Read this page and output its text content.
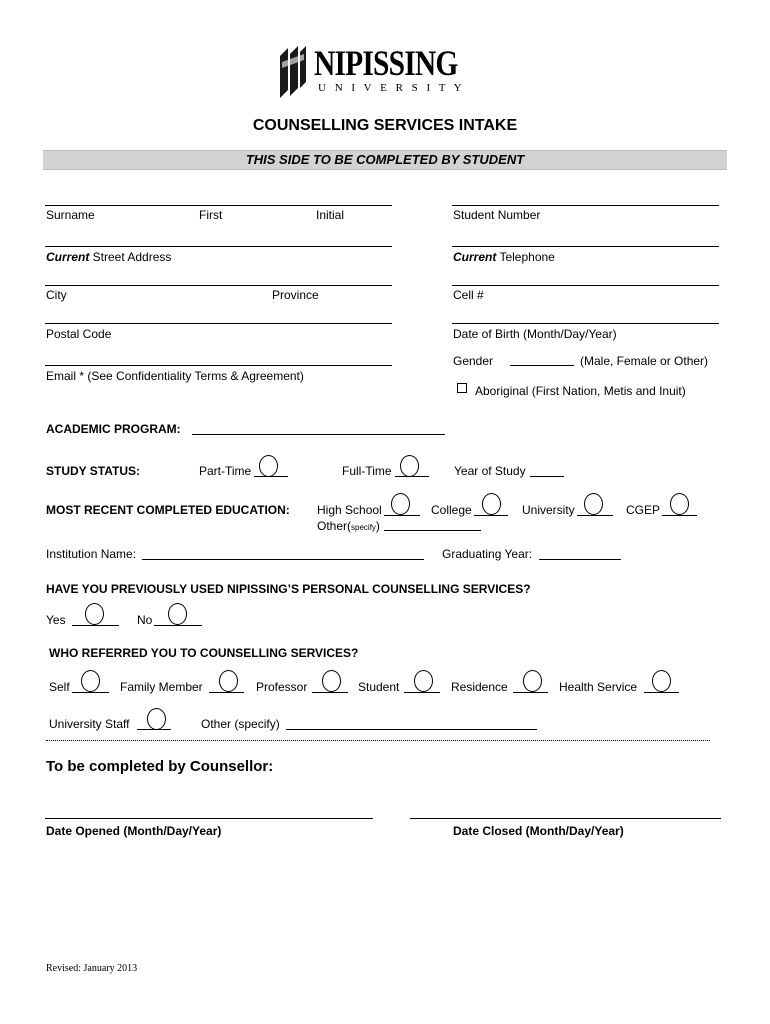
NIPISSING
U N I V E R S I T Y
COUNSELLING SERVICES INTAKE
THIS SIDE TO BE COMPLETED BY STUDENT
Surname	First	Initial	Student Number
Current Street Address	Current Telephone
City	Province	Cell #
Postal Code	Date of Birth (Month/Day/Year)
Gender	(Male, Female or Other)
Email * (See Confidentiality Terms & Agreement)
Aboriginal (First Nation, Metis and Inuit)
ACADEMIC PROGRAM:
STUDY STATUS:	Part-Time	Full-Time	Year of Study
MOST RECENT COMPLETED EDUCATION: High School	College	University	CGEP
Other(specify)
Institution Name:	Graduating Year:
HAVE YOU PREVIOUSLY USED NIPISSING’S PERSONAL COUNSELLING SERVICES?
Yes	No
WHO REFERRED YOU TO COUNSELLING SERVICES?
Self	Family Member	Professor	Student	Residence	Health Service
University Staff	Other (specify)
To be completed by Counsellor:
Date Opened (Month/Day/Year)	Date Closed (Month/Day/Year)
Revised: January 2013
